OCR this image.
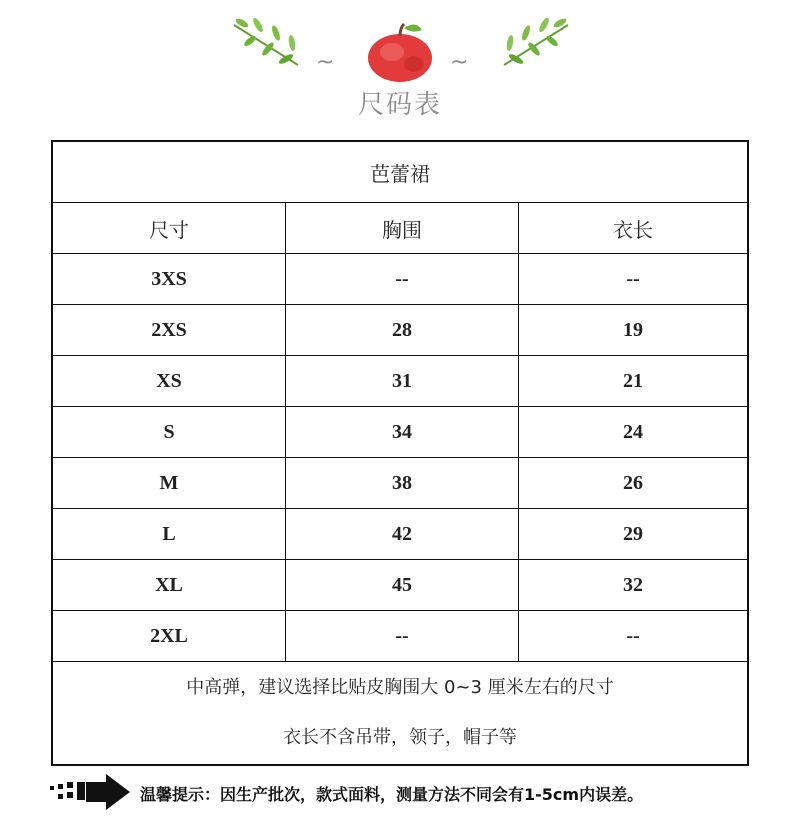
~	~
尺码表
芭蕾裙		
尺寸	胸围	衣长
3XS	--	--
2XS	28	19
XS	31	21
S	34	24
M	38	26
L	42	29
XL	45	32
2XL	--	--

中高弹，建议选择比贴皮胸围大 0~3 厘米左右的尺寸
衣长不含吊带，领子，帽子等		
温馨提示：因生产批次，款式面料，测量方法不同会有1-5cm内误差。
